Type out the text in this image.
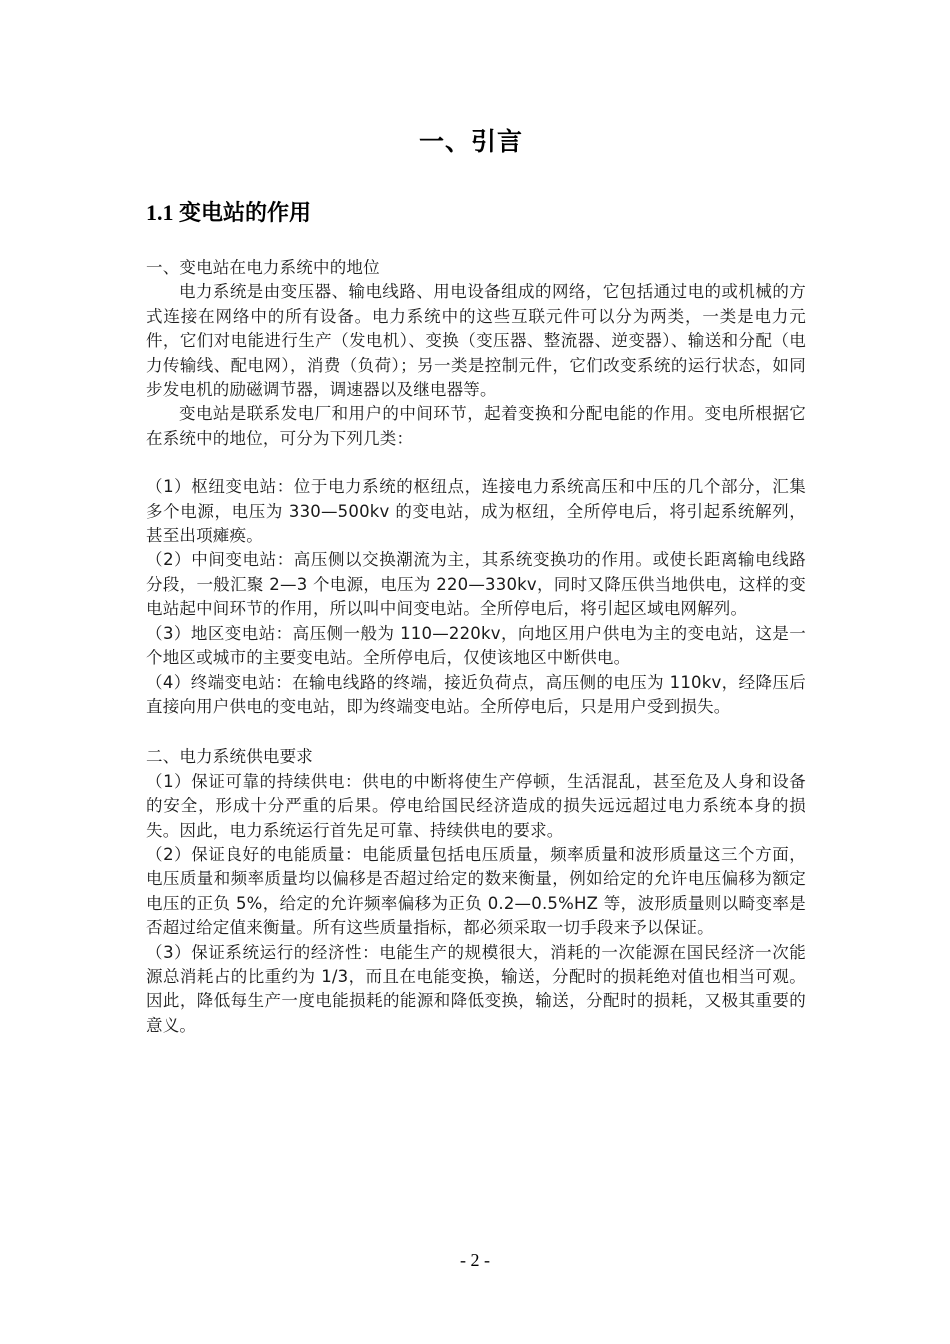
一、引言
1.1 变电站的作用

一、变电站在电力系统中的地位

电力系统是由变压器、输电线路、用电设备组成的网络，它包括通过电的或机械的方式连接在网络中的所有设备。电力系统中的这些互联元件可以分为两类，一类是电力元件，它们对电能进行生产（发电机）、变换（变压器、整流器、逆变器）、输送和分配（电力传输线、配电网），消费（负荷）；另一类是控制元件，它们改变系统的运行状态，如同步发电机的励磁调节器，调速器以及继电器等。

变电站是联系发电厂和用户的中间环节，起着变换和分配电能的作用。变电所根据它在系统中的地位，可分为下列几类：

（1）枢纽变电站：位于电力系统的枢纽点，连接电力系统高压和中压的几个部分，汇集多个电源，电压为 330—500kv 的变电站，成为枢纽，全所停电后，将引起系统解列，甚至出项瘫痪。

（2）中间变电站：高压侧以交换潮流为主，其系统变换功的作用。或使长距离输电线路分段，一般汇聚 2—3 个电源，电压为 220—330kv，同时又降压供当地供电，这样的变电站起中间环节的作用，所以叫中间变电站。全所停电后，将引起区域电网解列。

（3）地区变电站：高压侧一般为 110—220kv，向地区用户供电为主的变电站，这是一个地区或城市的主要变电站。全所停电后，仅使该地区中断供电。

（4）终端变电站：在输电线路的终端，接近负荷点，高压侧的电压为 110kv，经降压后直接向用户供电的变电站，即为终端变电站。全所停电后，只是用户受到损失。

二、电力系统供电要求

（1）保证可靠的持续供电：供电的中断将使生产停顿，生活混乱，甚至危及人身和设备的安全，形成十分严重的后果。停电给国民经济造成的损失远远超过电力系统本身的损失。因此，电力系统运行首先足可靠、持续供电的要求。

（2）保证良好的电能质量：电能质量包括电压质量，频率质量和波形质量这三个方面，电压质量和频率质量均以偏移是否超过给定的数来衡量，例如给定的允许电压偏移为额定电压的正负 5%，给定的允许频率偏移为正负 0.2—0.5%HZ 等，波形质量则以畸变率是否超过给定值来衡量。所有这些质量指标，都必须采取一切手段来予以保证。

（3）保证系统运行的经济性：电能生产的规模很大，消耗的一次能源在国民经济一次能源总消耗占的比重约为 1/3，而且在电能变换，输送，分配时的损耗绝对值也相当可观。因此，降低每生产一度电能损耗的能源和降低变换，输送，分配时的损耗，又极其重要的意义。

- 2 -
